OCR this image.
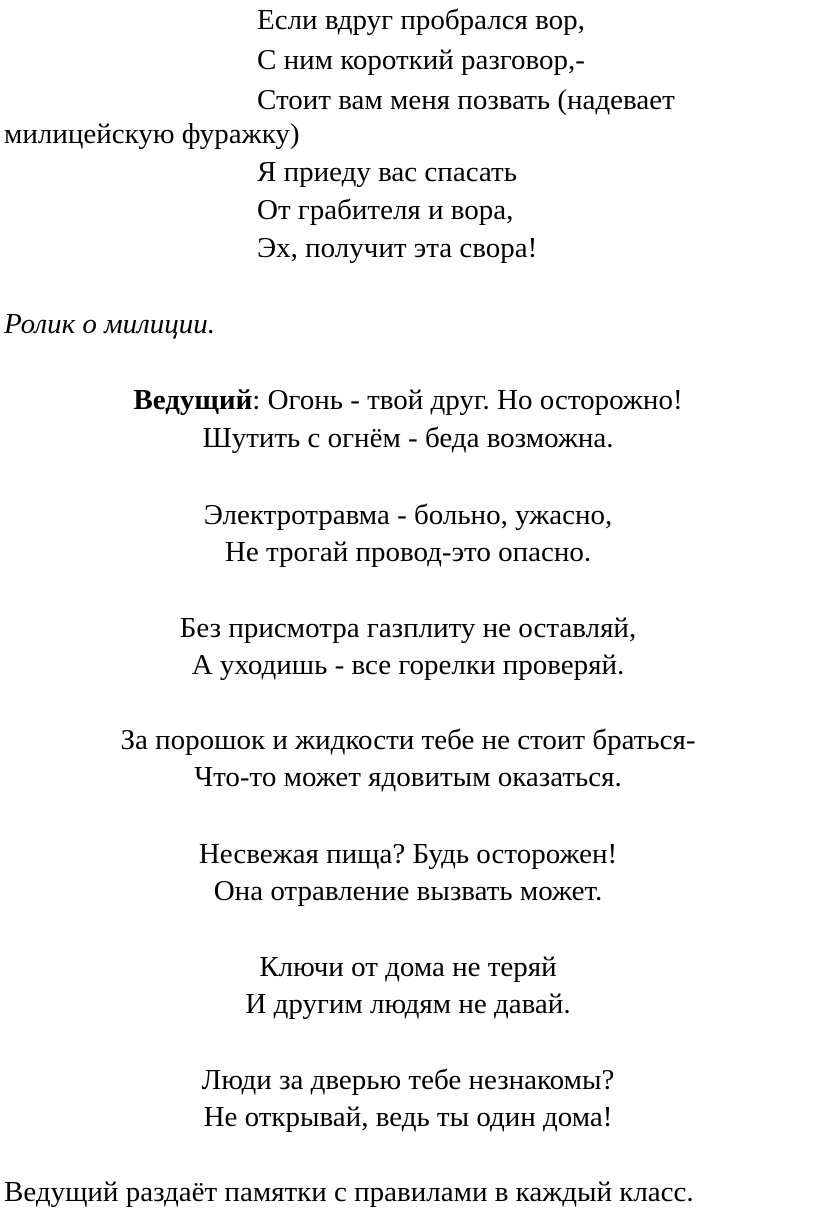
Если вдруг пробрался вор,
С ним короткий разговор,-
Стоит вам меня позвать (надевает
милицейскую фуражку)
Я приеду вас спасать
От грабителя и вора,
Эх, получит эта свора!
Ролик о милиции.
Ведущий: Огонь - твой друг. Но осторожно!
Шутить с огнём - беда возможна.
Электротравма - больно, ужасно,
Не трогай провод-это опасно.
Без присмотра газплиту не оставляй,
А уходишь - все горелки проверяй.
За порошок и жидкости тебе не стоит браться-
Что-то может ядовитым оказаться.
Несвежая пища? Будь осторожен!
Она отравление вызвать может.
Ключи от дома не теряй
И другим людям не давай.
Люди за дверью тебе незнакомы?
Не открывай, ведь ты один дома!
Ведущий раздаёт памятки с правилами в каждый класс.
